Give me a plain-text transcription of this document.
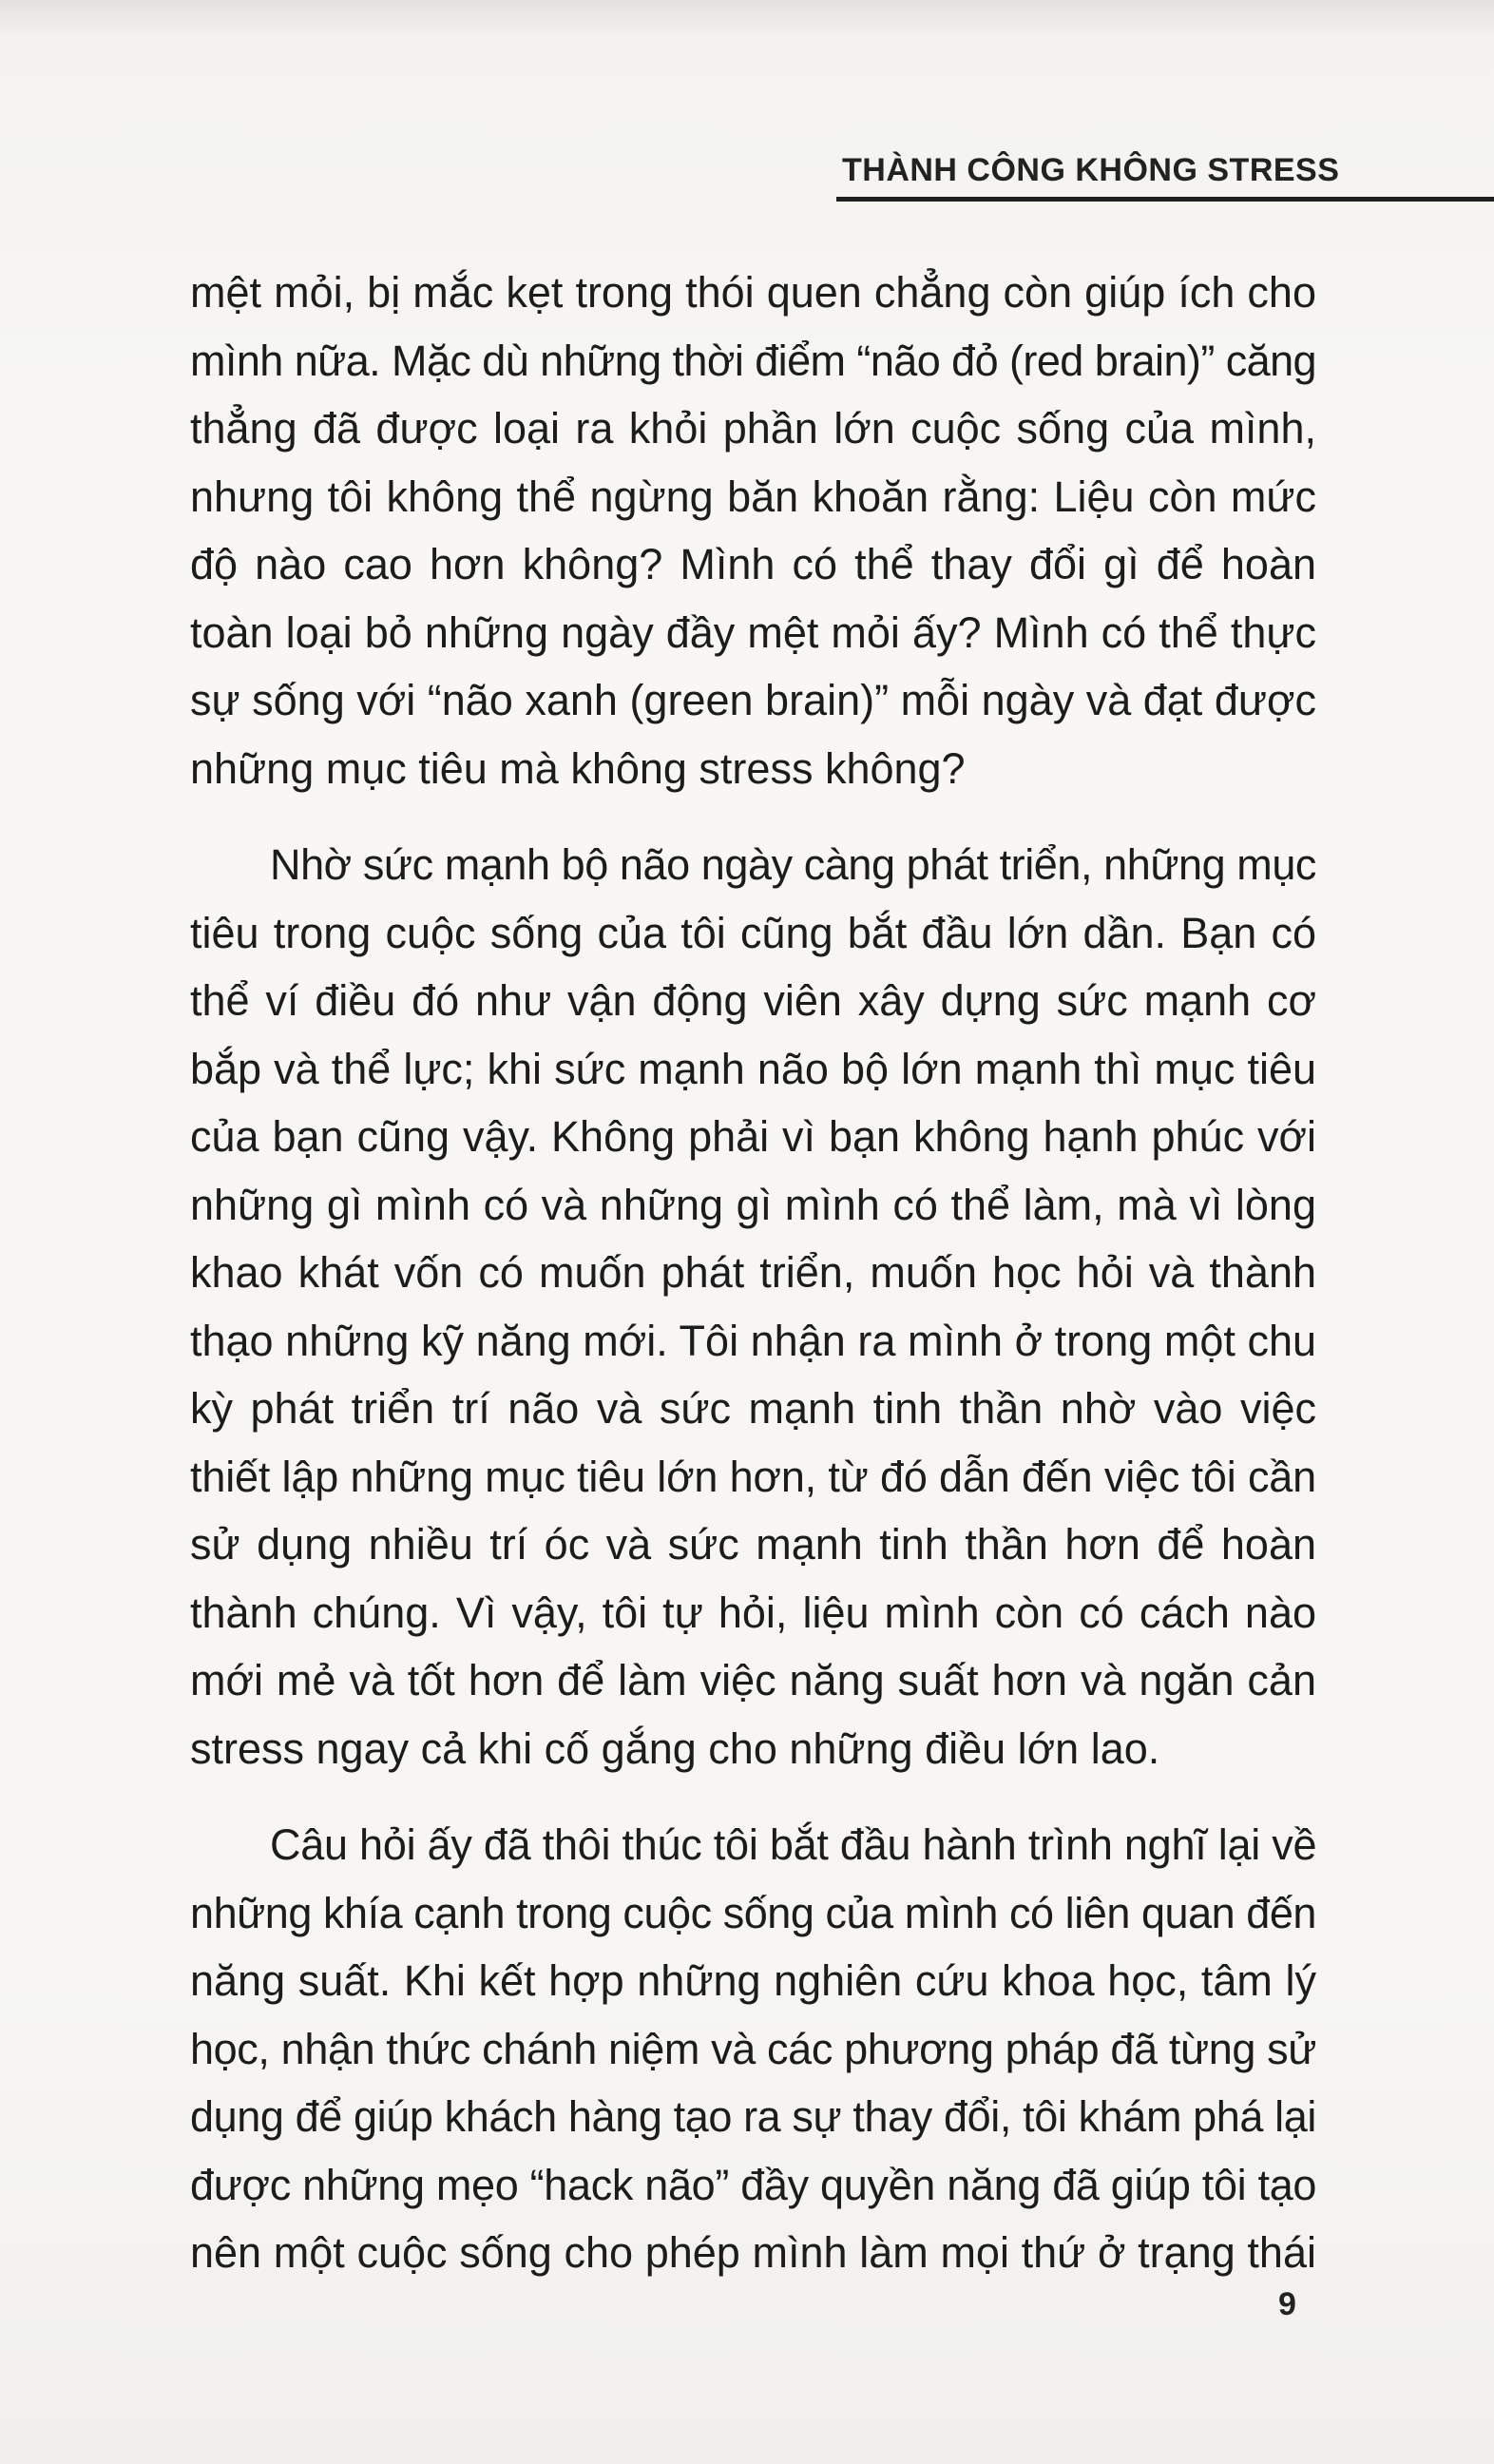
THÀNH CÔNG KHÔNG STRESS

mệt mỏi, bị mắc kẹt trong thói quen chẳng còn giúp ích cho
mình nữa. Mặc dù những thời điểm “não đỏ (red brain)” căng
thẳng đã được loại ra khỏi phần lớn cuộc sống của mình,
nhưng tôi không thể ngừng băn khoăn rằng: Liệu còn mức
độ nào cao hơn không? Mình có thể thay đổi gì để hoàn
toàn loại bỏ những ngày đầy mệt mỏi ấy? Mình có thể thực
sự sống với “não xanh (green brain)” mỗi ngày và đạt được
những mục tiêu mà không stress không?

Nhờ sức mạnh bộ não ngày càng phát triển, những mục
tiêu trong cuộc sống của tôi cũng bắt đầu lớn dần. Bạn có
thể ví điều đó như vận động viên xây dựng sức mạnh cơ
bắp và thể lực; khi sức mạnh não bộ lớn mạnh thì mục tiêu
của bạn cũng vậy. Không phải vì bạn không hạnh phúc với
những gì mình có và những gì mình có thể làm, mà vì lòng
khao khát vốn có muốn phát triển, muốn học hỏi và thành
thạo những kỹ năng mới. Tôi nhận ra mình ở trong một chu
kỳ phát triển trí não và sức mạnh tinh thần nhờ vào việc
thiết lập những mục tiêu lớn hơn, từ đó dẫn đến việc tôi cần
sử dụng nhiều trí óc và sức mạnh tinh thần hơn để hoàn
thành chúng. Vì vậy, tôi tự hỏi, liệu mình còn có cách nào
mới mẻ và tốt hơn để làm việc năng suất hơn và ngăn cản
stress ngay cả khi cố gắng cho những điều lớn lao.

Câu hỏi ấy đã thôi thúc tôi bắt đầu hành trình nghĩ lại về
những khía cạnh trong cuộc sống của mình có liên quan đến
năng suất. Khi kết hợp những nghiên cứu khoa học, tâm lý
học, nhận thức chánh niệm và các phương pháp đã từng sử
dụng để giúp khách hàng tạo ra sự thay đổi, tôi khám phá lại
được những mẹo “hack não” đầy quyền năng đã giúp tôi tạo
nên một cuộc sống cho phép mình làm mọi thứ ở trạng thái

9
